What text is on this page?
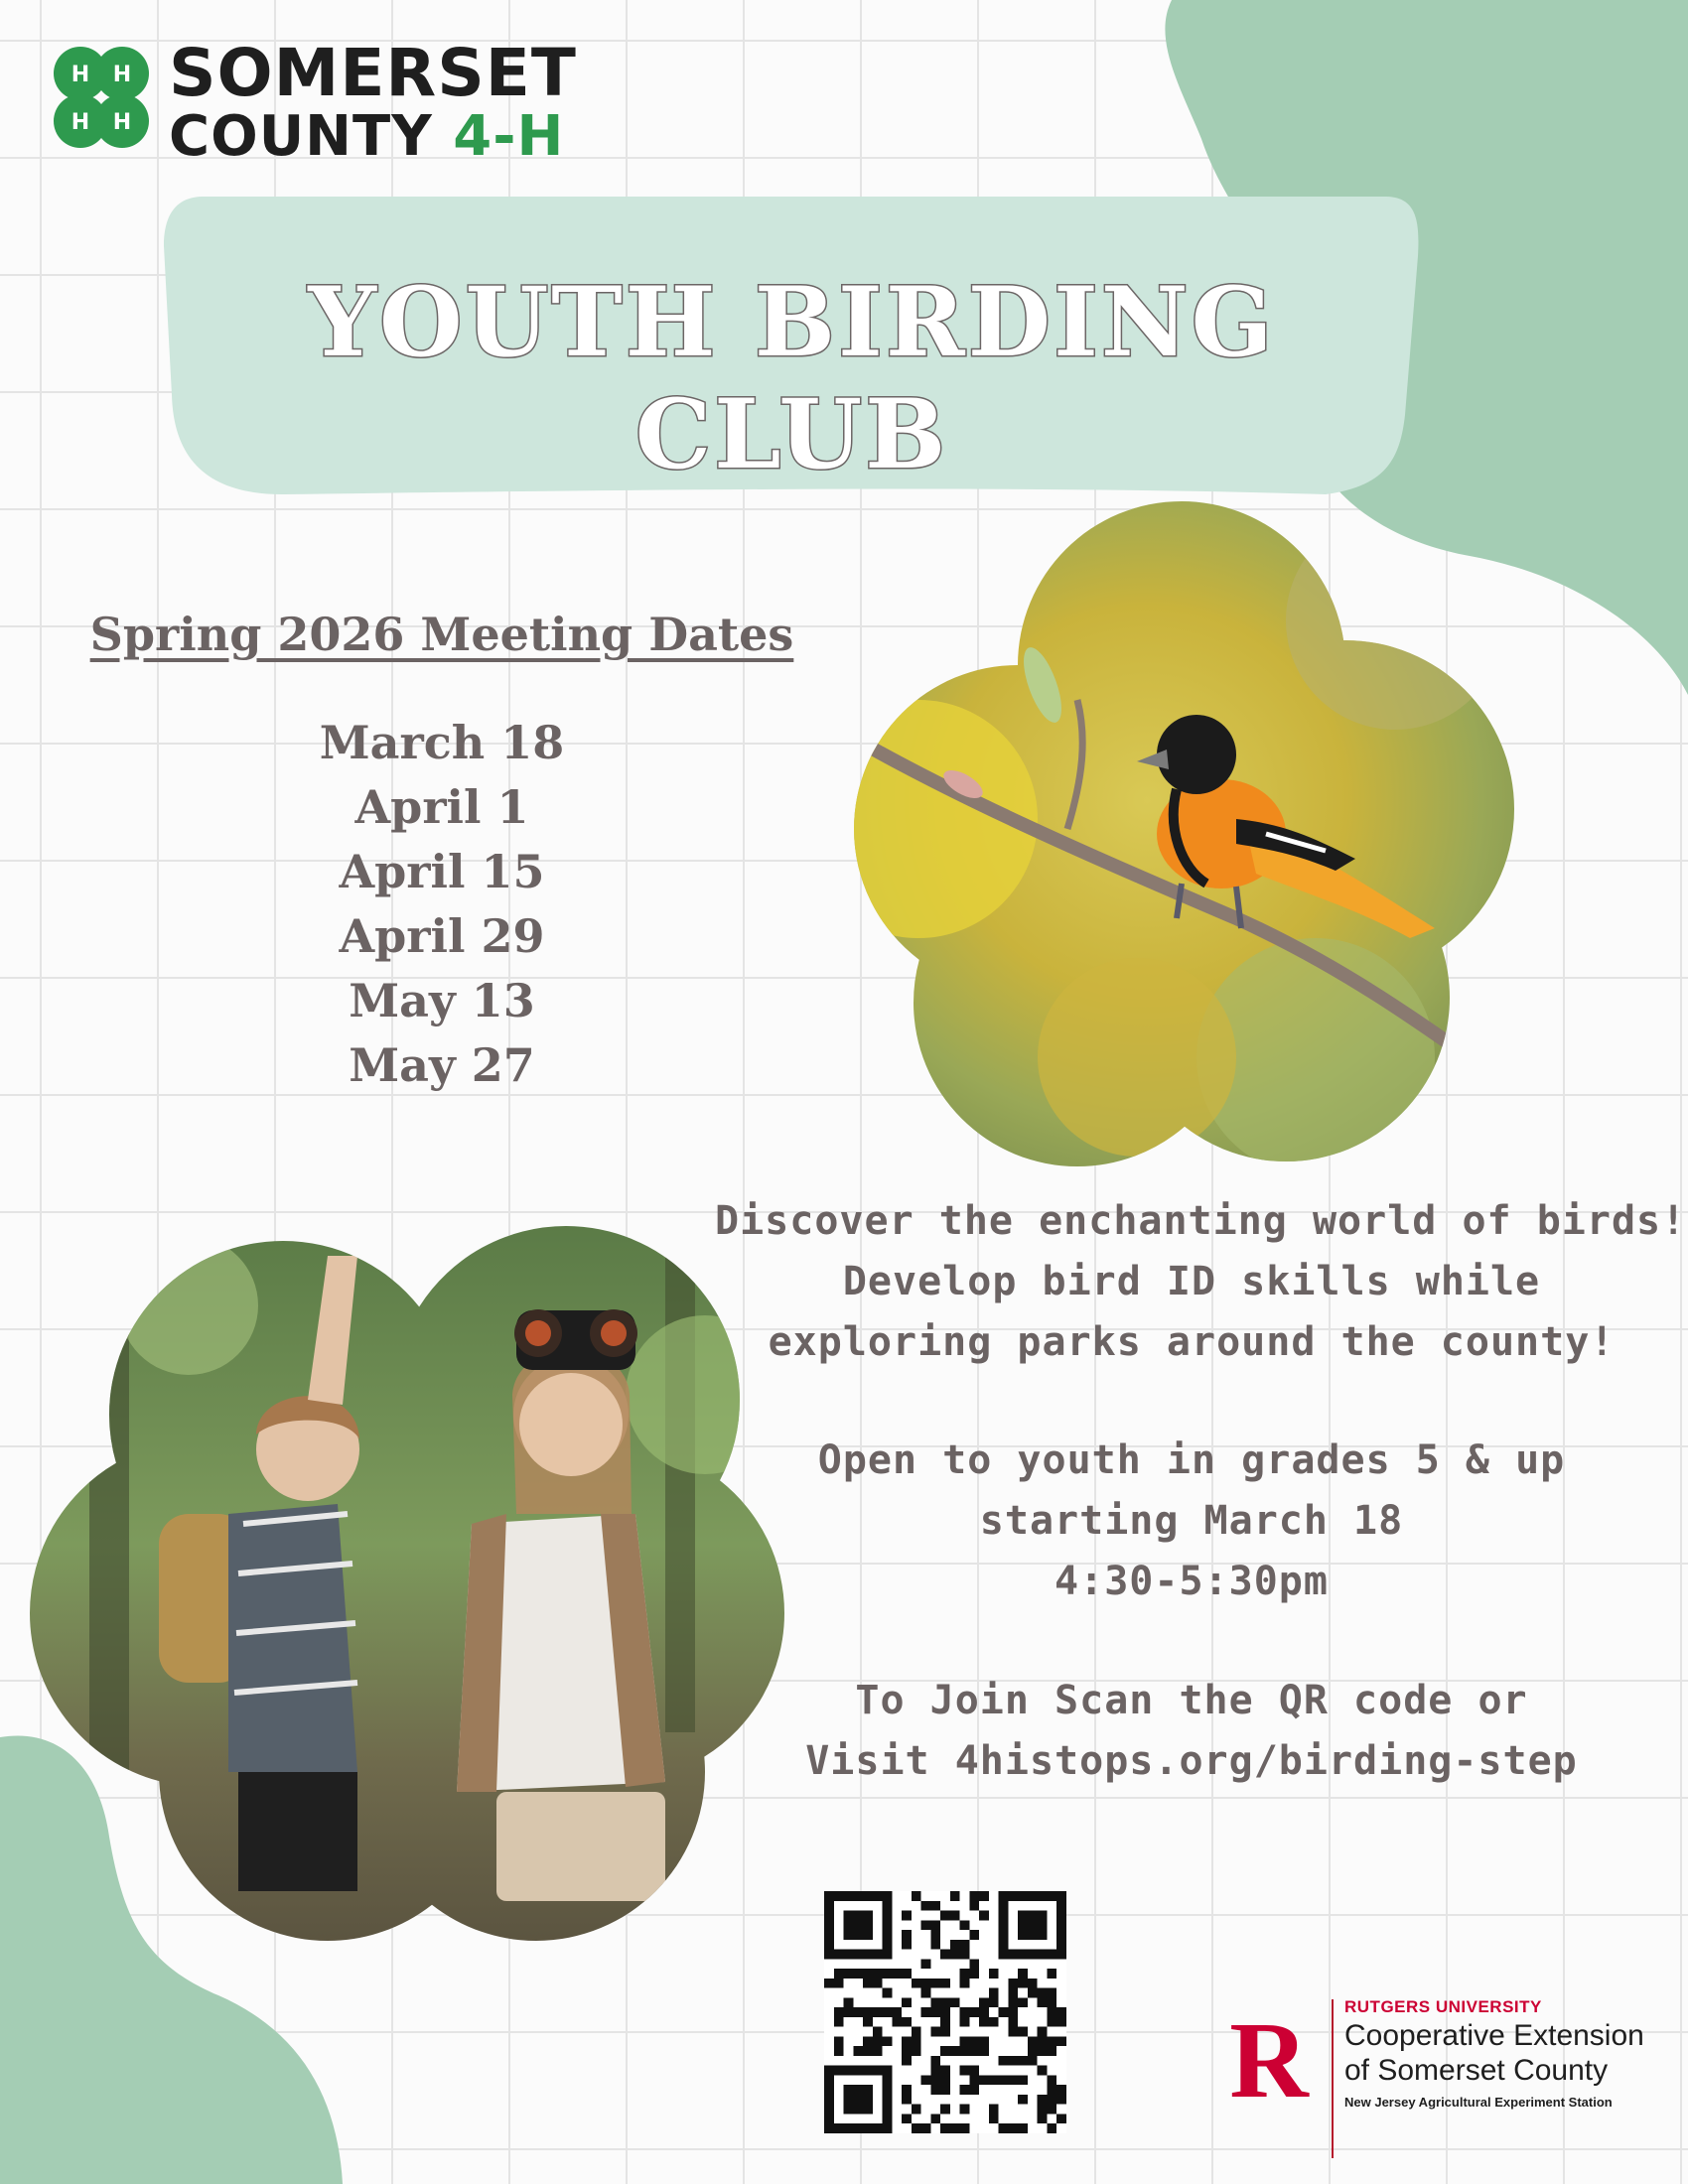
H H
H H
SOMERSET
COUNTY 4-H
YOUTH BIRDING CLUB
Spring 2026 Meeting Dates
March 18
April 1
April 15
April 29
May 13
May 27
Discover the enchanting world of birds!
Develop bird ID skills while
exploring parks around the county!
Open to youth in grades 5 & up
starting March 18
4:30-5:30pm
To Join Scan the QR code or
Visit 4histops.org/birding-step
R RUTGERS UNIVERSITY
Cooperative Extension
of Somerset County
New Jersey Agricultural Experiment Station
